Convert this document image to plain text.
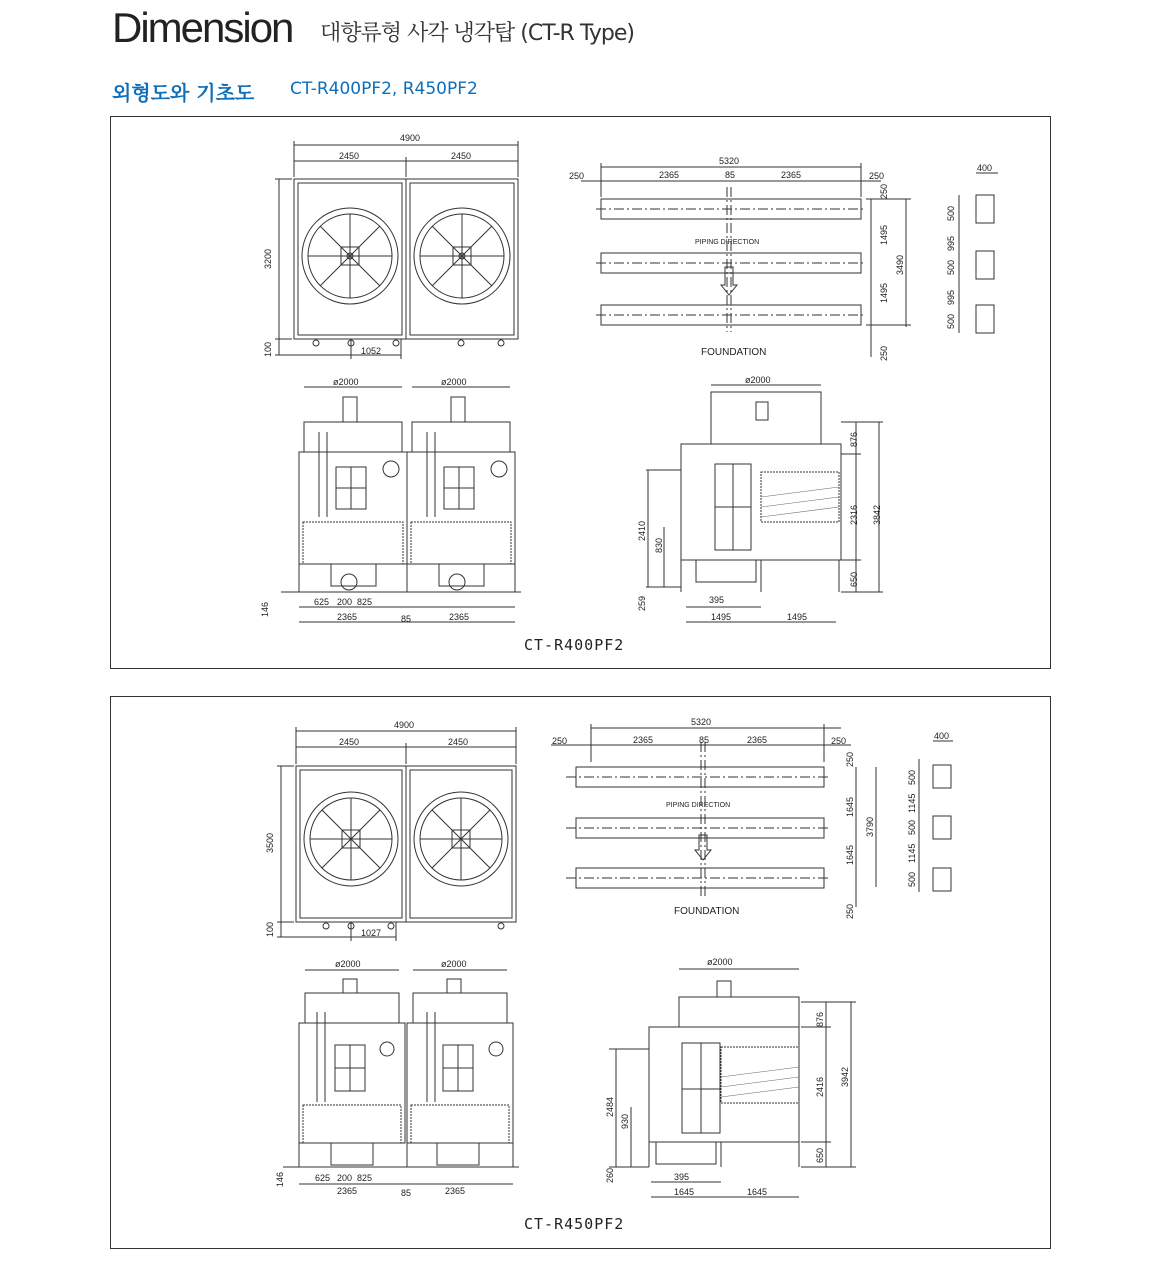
Dimension 대향류형 사각 냉각탑 (CT-R Type)
외형도와 기초도 CT-R400PF2, R450PF2
4900
2450	2450
3200
100	1052
5320
250	2365	85	2365	250
PIPING DIRECTION
FOUNDATION
250
1495
1495
3490
250
400
500
995
500
995
500
ø2000	ø2000
146	625 200 825
2365	85	2365
ø2000
876
2316 3842
650
2410
830
259	395
1495	1495
CT-R400PF2
4900
2450	2450
3500
100	1027
5320
250	2365	85	2365	250
PIPING DIRECTION
FOUNDATION
250
1645
1645
3790
250
400
500
1145
500
1145
500
ø2000	ø2000
146	625 200 825
2365	85	2365
ø2000
876
2416 3942
650
2484
930
260	395
1645	1645
CT-R450PF2
